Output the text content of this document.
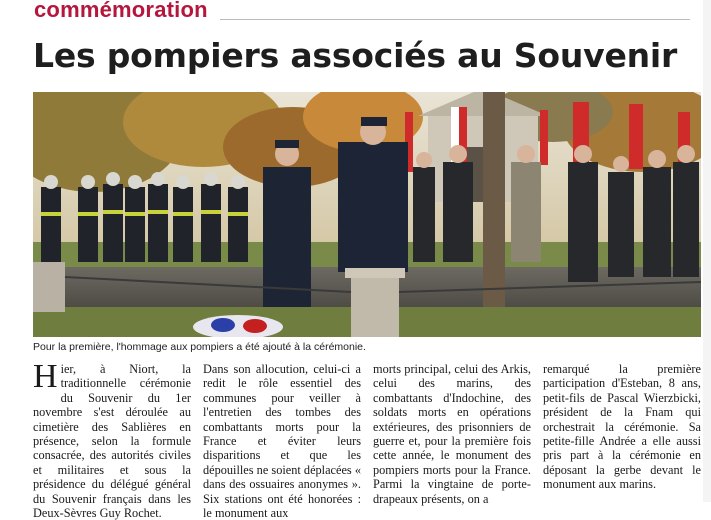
commémoration
Les pompiers associés au Souvenir

Pour la première, l'hommage aux pompiers a été ajouté à la cérémonie.

Hier, à Niort, la traditionnelle cérémonie du Souvenir du 1er novembre s'est déroulée au cimetière des Sablières en présence, selon la formule consacrée, des autorités civiles et militaires et sous la présidence du délégué général du Souvenir français dans les Deux-Sèvres Guy Rochet.

Dans son allocution, celui-ci a redit le rôle essentiel des communes pour veiller à l'entretien des tombes des combattants morts pour la France et éviter leurs disparitions et que les dépouilles ne soient déplacées « dans des ossuaires anonymes ». Six stations ont été honorées : le monument aux

morts principal, celui des Arkis, celui des marins, des combattants d'Indochine, des soldats morts en opérations extérieures, des prisonniers de guerre et, pour la première fois cette année, le monument des pompiers morts pour la France. Parmi la vingtaine de porte-drapeaux présents, on a

remarqué la première participation d'Esteban, 8 ans, petit-fils de Pascal Wierzbicki, président de la Fnam qui orchestrait la cérémonie. Sa petite-fille Andrée a elle aussi pris part à la cérémonie en déposant la gerbe devant le monument aux marins.
